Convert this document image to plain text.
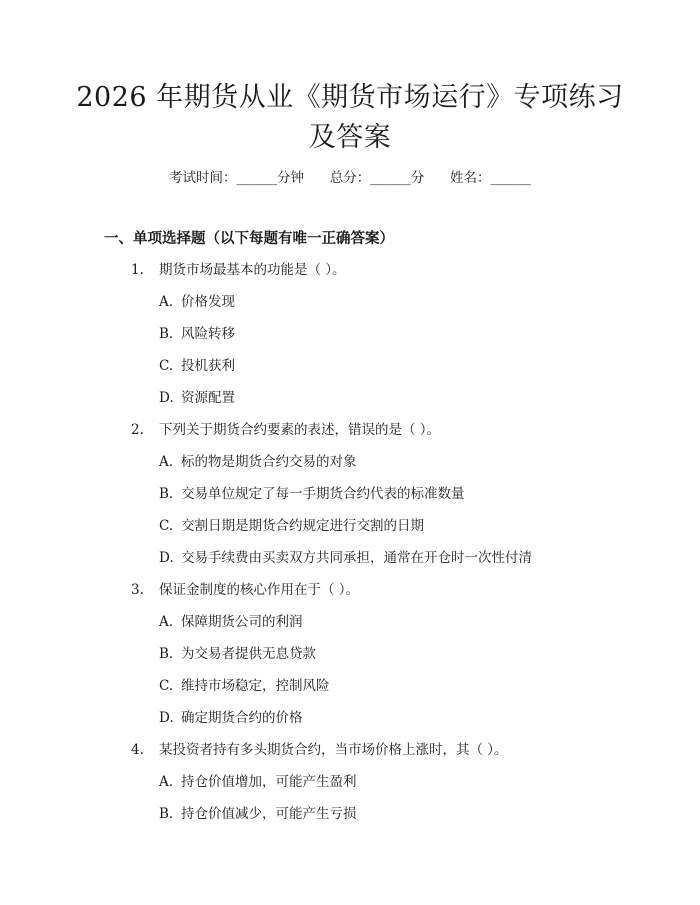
2026 年期货从业《期货市场运行》专项练习
及答案
考试时间：______分钟 总分：______分 姓名：______
一、单项选择题（以下每题有唯一正确答案）
1. 期货市场最基本的功能是（ ）。
A. 价格发现
B. 风险转移
C. 投机获利
D. 资源配置
2. 下列关于期货合约要素的表述，错误的是（ ）。
A. 标的物是期货合约交易的对象
B. 交易单位规定了每一手期货合约代表的标准数量
C. 交割日期是期货合约规定进行交割的日期
D. 交易手续费由买卖双方共同承担，通常在开仓时一次性付清
3. 保证金制度的核心作用在于（ ）。
A. 保障期货公司的利润
B. 为交易者提供无息贷款
C. 维持市场稳定，控制风险
D. 确定期货合约的价格
4. 某投资者持有多头期货合约，当市场价格上涨时，其（ ）。
A. 持仓价值增加，可能产生盈利
B. 持仓价值减少，可能产生亏损
